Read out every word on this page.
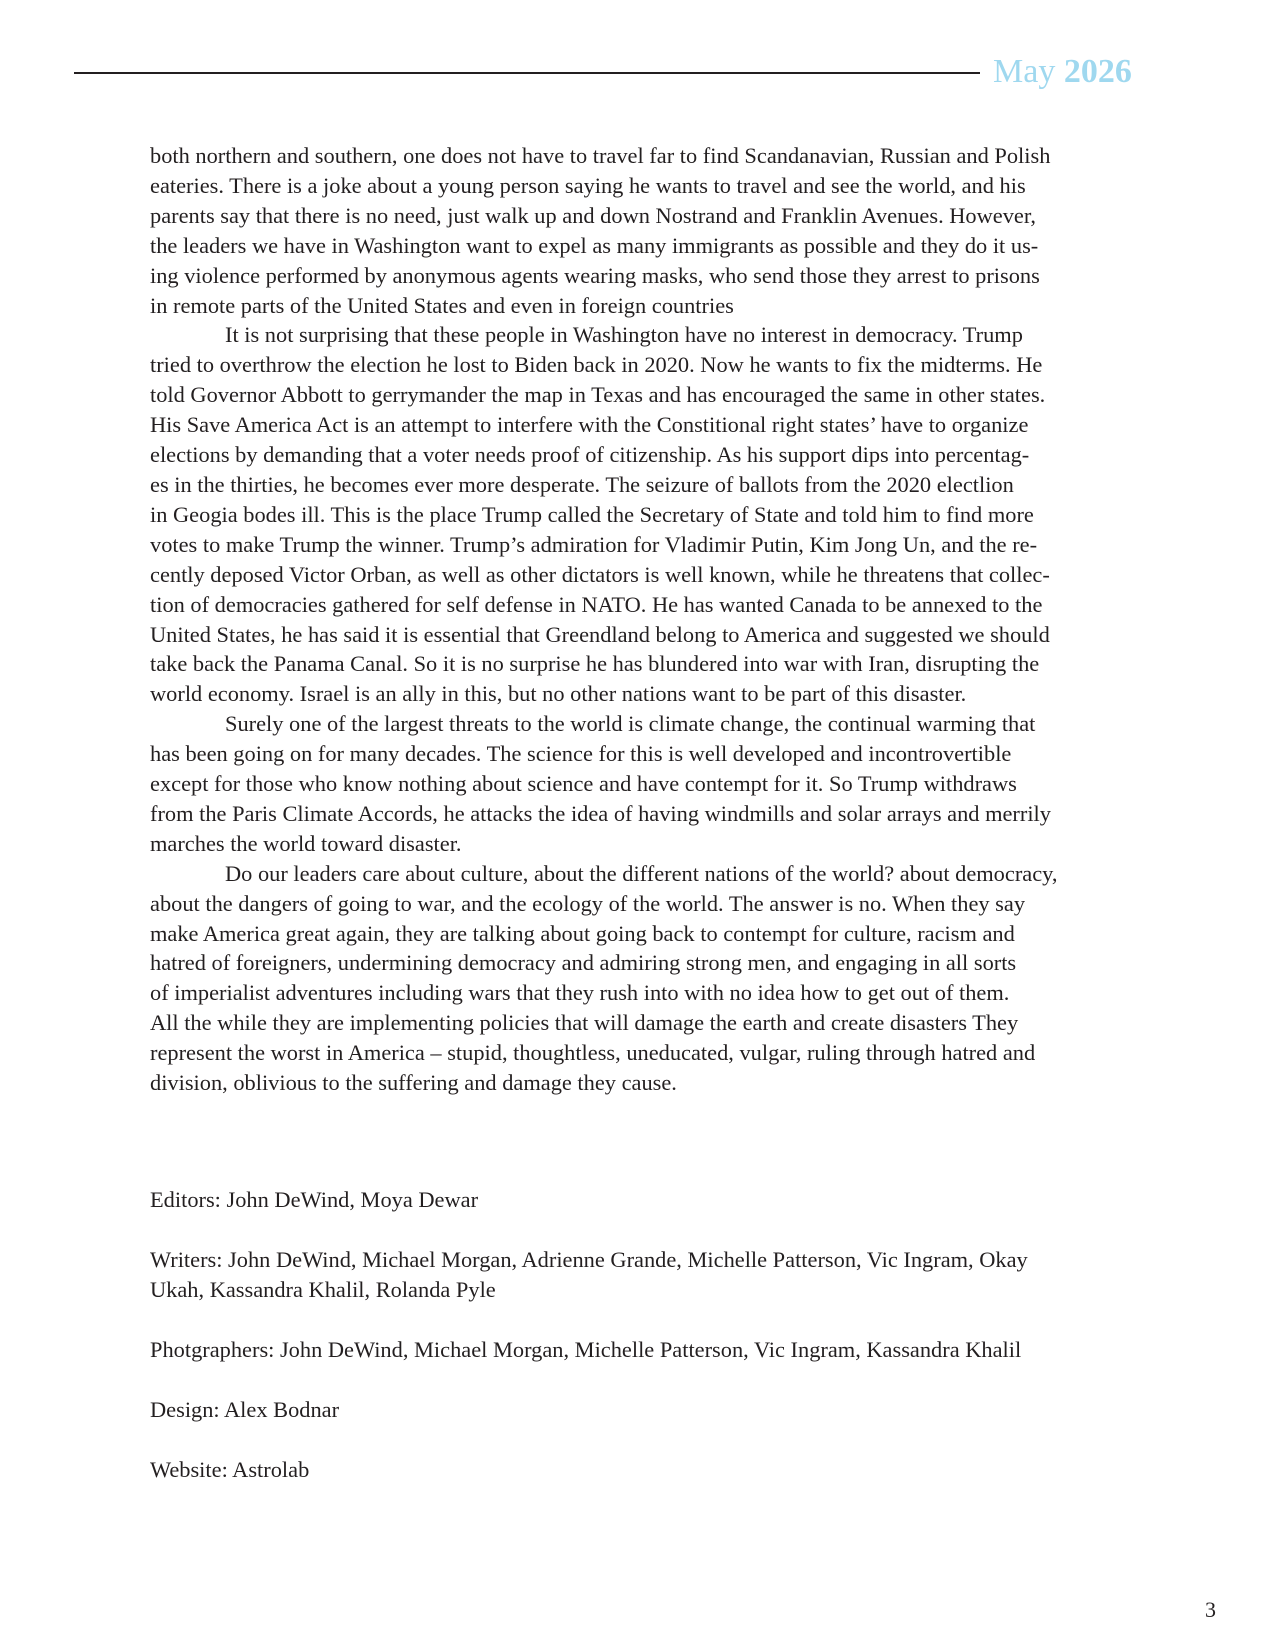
May 2026

both northern and southern, one does not have to travel far to find Scandanavian, Russian and Polish
eateries. There is a joke about a young person saying he wants to travel and see the world, and his
parents say that there is no need, just walk up and down Nostrand and Franklin Avenues. However,
the leaders we have in Washington want to expel as many immigrants as possible and they do it us-
ing violence performed by anonymous agents wearing masks, who send those they arrest to prisons
in remote parts of the United States and even in foreign countries

It is not surprising that these people in Washington have no interest in democracy. Trump
tried to overthrow the election he lost to Biden back in 2020. Now he wants to fix the midterms. He
told Governor Abbott to gerrymander the map in Texas and has encouraged the same in other states.
His Save America Act is an attempt to interfere with the Constitional right states’ have to organize
elections by demanding that a voter needs proof of citizenship. As his support dips into percentag-
es in the thirties, he becomes ever more desperate. The seizure of ballots from the 2020 electlion
in Geogia bodes ill. This is the place Trump called the Secretary of State and told him to find more
votes to make Trump the winner. Trump’s admiration for Vladimir Putin, Kim Jong Un, and the re-
cently deposed Victor Orban, as well as other dictators is well known, while he threatens that collec-
tion of democracies gathered for self defense in NATO. He has wanted Canada to be annexed to the
United States, he has said it is essential that Greendland belong to America and suggested we should
take back the Panama Canal. So it is no surprise he has blundered into war with Iran, disrupting the
world economy. Israel is an ally in this, but no other nations want to be part of this disaster.

Surely one of the largest threats to the world is climate change, the continual warming that
has been going on for many decades. The science for this is well developed and incontrovertible
except for those who know nothing about science and have contempt for it. So Trump withdraws
from the Paris Climate Accords, he attacks the idea of having windmills and solar arrays and merrily
marches the world toward disaster.

Do our leaders care about culture, about the different nations of the world? about democracy,
about the dangers of going to war, and the ecology of the world. The answer is no. When they say
make America great again, they are talking about going back to contempt for culture, racism and
hatred of foreigners, undermining democracy and admiring strong men, and engaging in all sorts
of imperialist adventures including wars that they rush into with no idea how to get out of them.
All the while they are implementing policies that will damage the earth and create disasters They
represent the worst in America – stupid, thoughtless, uneducated, vulgar, ruling through hatred and
division, oblivious to the suffering and damage they cause.

Editors: John DeWind, Moya Dewar

Writers: John DeWind, Michael Morgan, Adrienne Grande, Michelle Patterson, Vic Ingram, Okay
Ukah, Kassandra Khalil, Rolanda Pyle

Photgraphers: John DeWind, Michael Morgan, Michelle Patterson, Vic Ingram, Kassandra Khalil

Design: Alex Bodnar

Website: Astrolab

3
